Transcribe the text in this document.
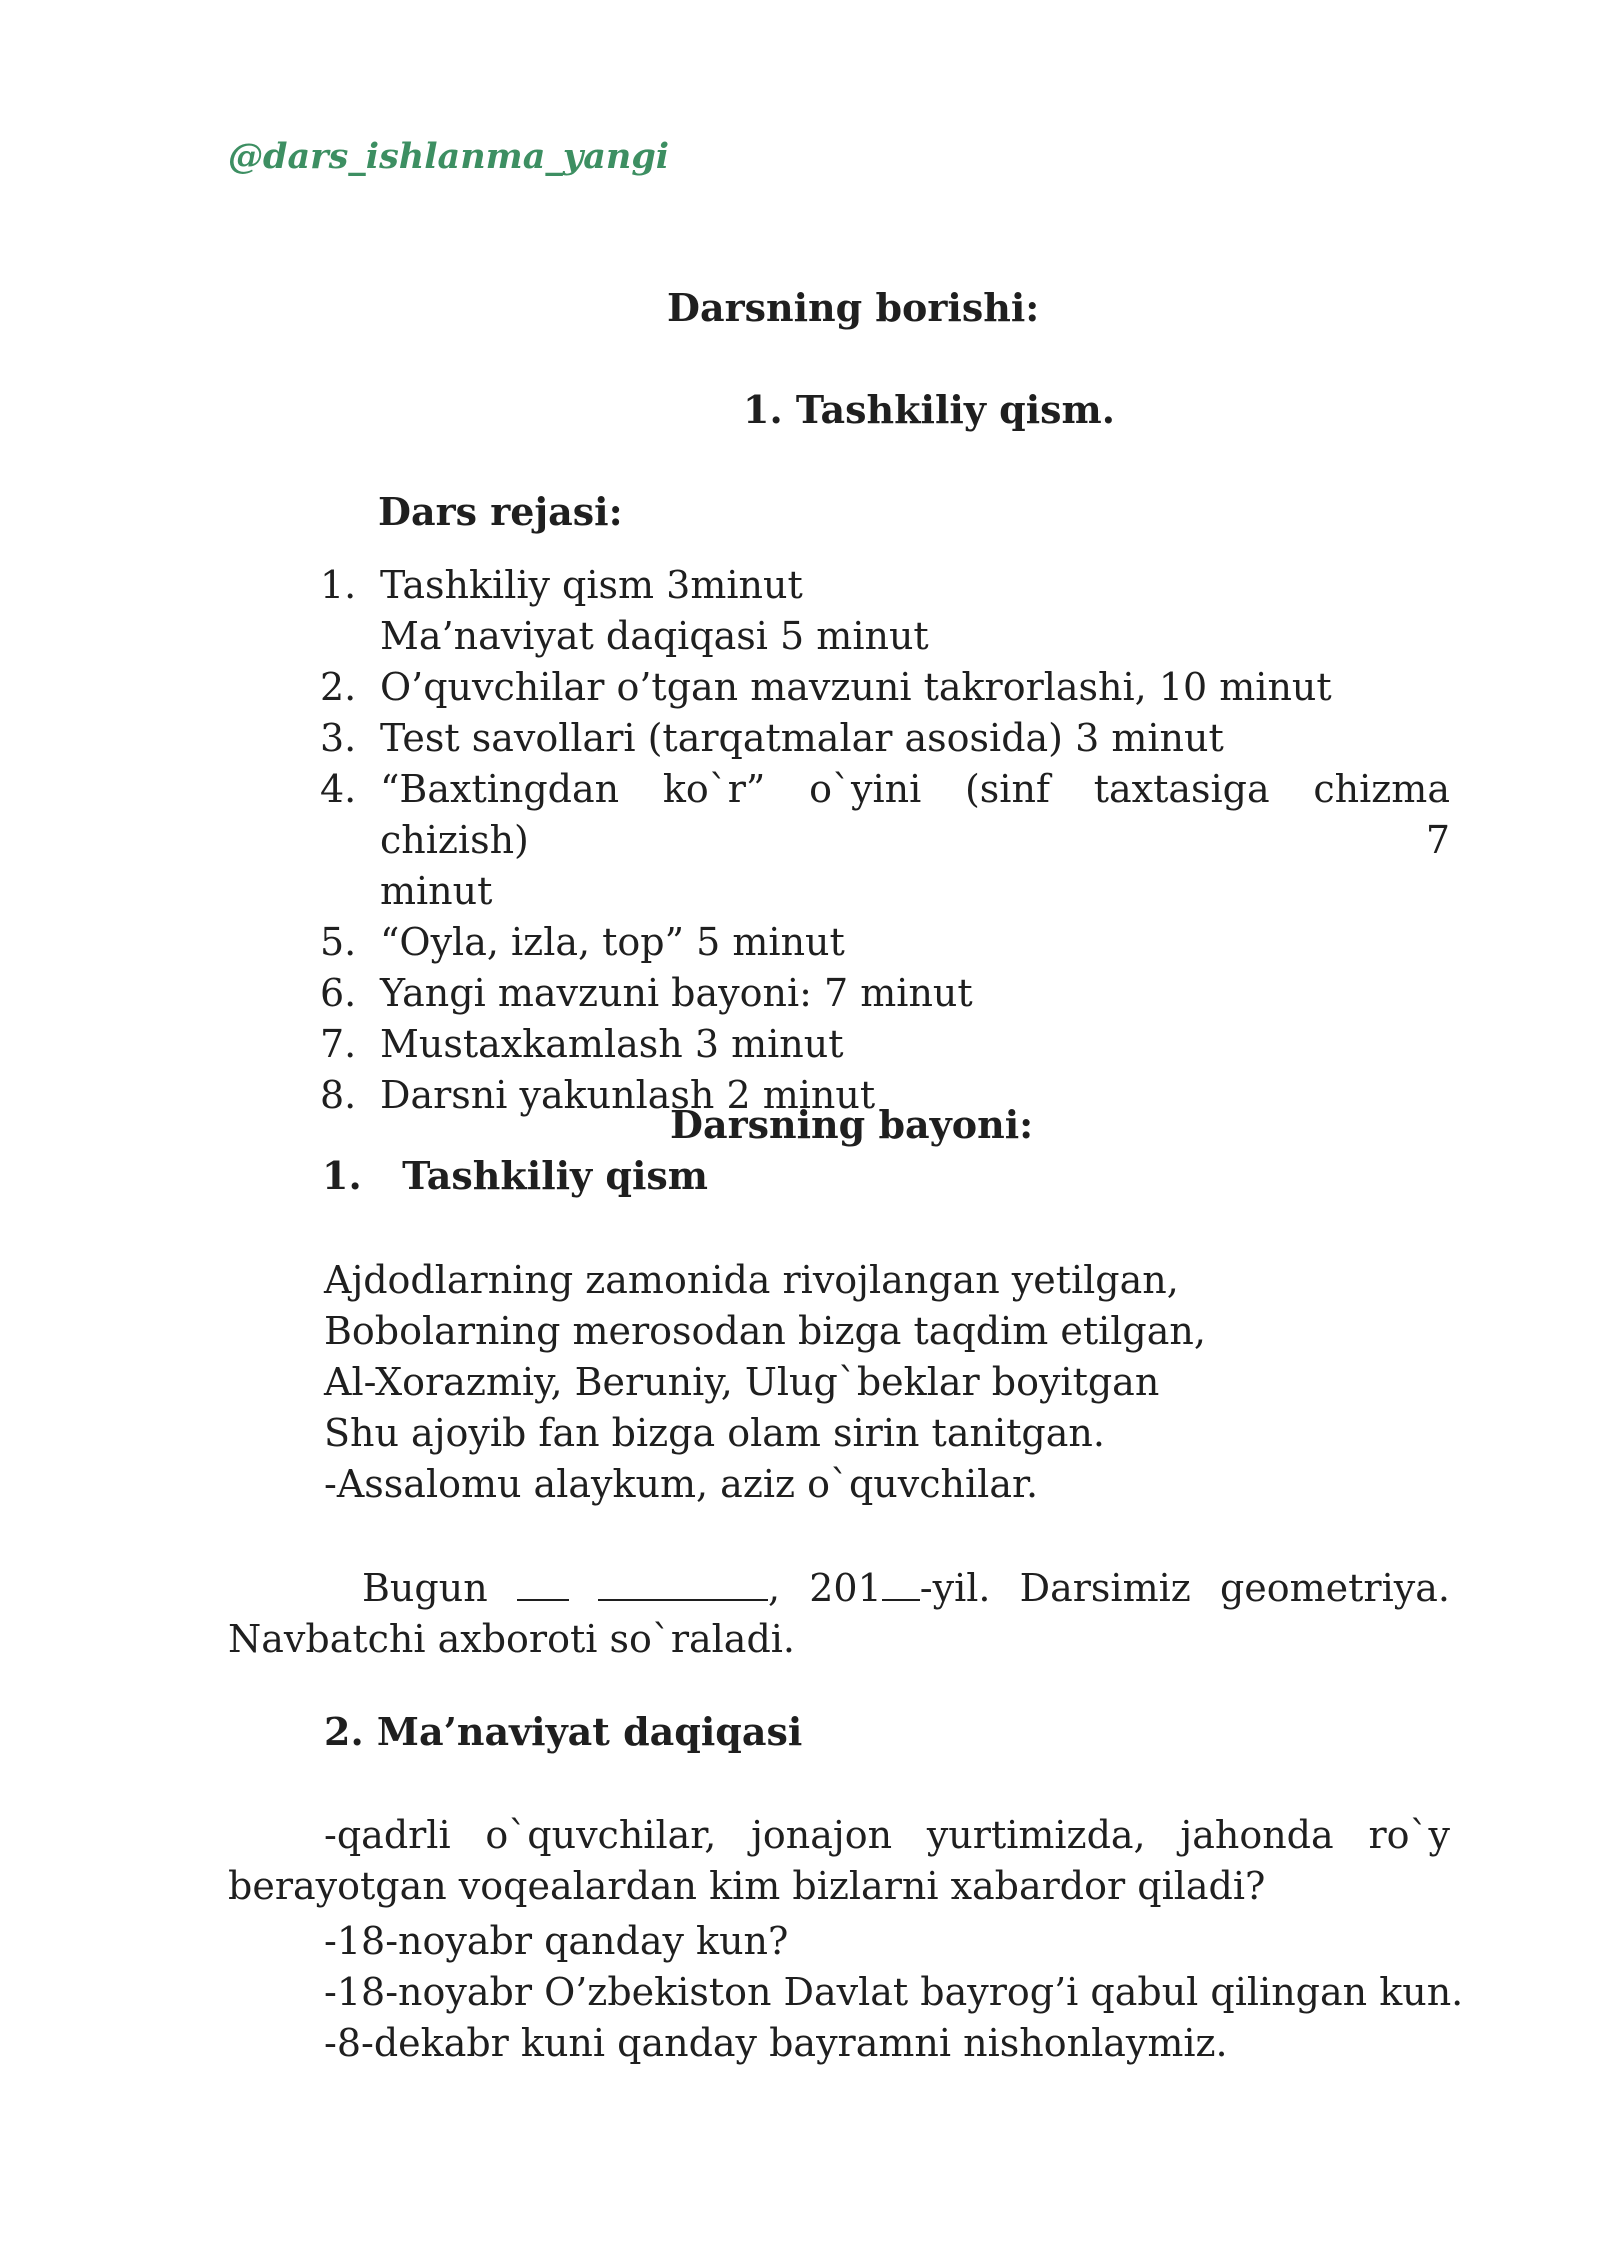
@dars_ishlanma_yangi
Darsning borishi:
1. Tashkiliy qism.
Dars rejasi:
1. Tashkiliy qism 3minut
Ma’naviyat daqiqasi 5 minut
2. O’quvchilar o’tgan mavzuni takrorlashi, 10 minut
3. Test savollari (tarqatmalar asosida) 3 minut
4. “Baxtingdan ko`r” o`yini (sinf taxtasiga chizma chizish) 7
minut
5. “Oyla, izla, top” 5 minut
6. Yangi mavzuni bayoni: 7 minut
7. Mustaxkamlash 3 minut
8. Darsni yakunlash 2 minut
Darsning bayoni:
1. Tashkiliy qism
Ajdodlarning zamonida rivojlangan yetilgan,
Bobolarning merosodan bizga taqdim etilgan,
Al-Xorazmiy, Beruniy, Ulug`beklar boyitgan
Shu ajoyib fan bizga olam sirin tanitgan.
-Assalomu alaykum, aziz o`quvchilar.
Bugun	, 201 -yil. Darsimiz geometriya.
Navbatchi axboroti so`raladi.
2. Ma’naviyat daqiqasi
-qadrli o`quvchilar, jonajon yurtimizda, jahonda ro`y
berayotgan voqealardan kim bizlarni xabardor qiladi?
-18-noyabr qanday kun?
-18-noyabr O’zbekiston Davlat bayrog’i qabul qilingan kun.
-8-dekabr kuni qanday bayramni nishonlaymiz.
